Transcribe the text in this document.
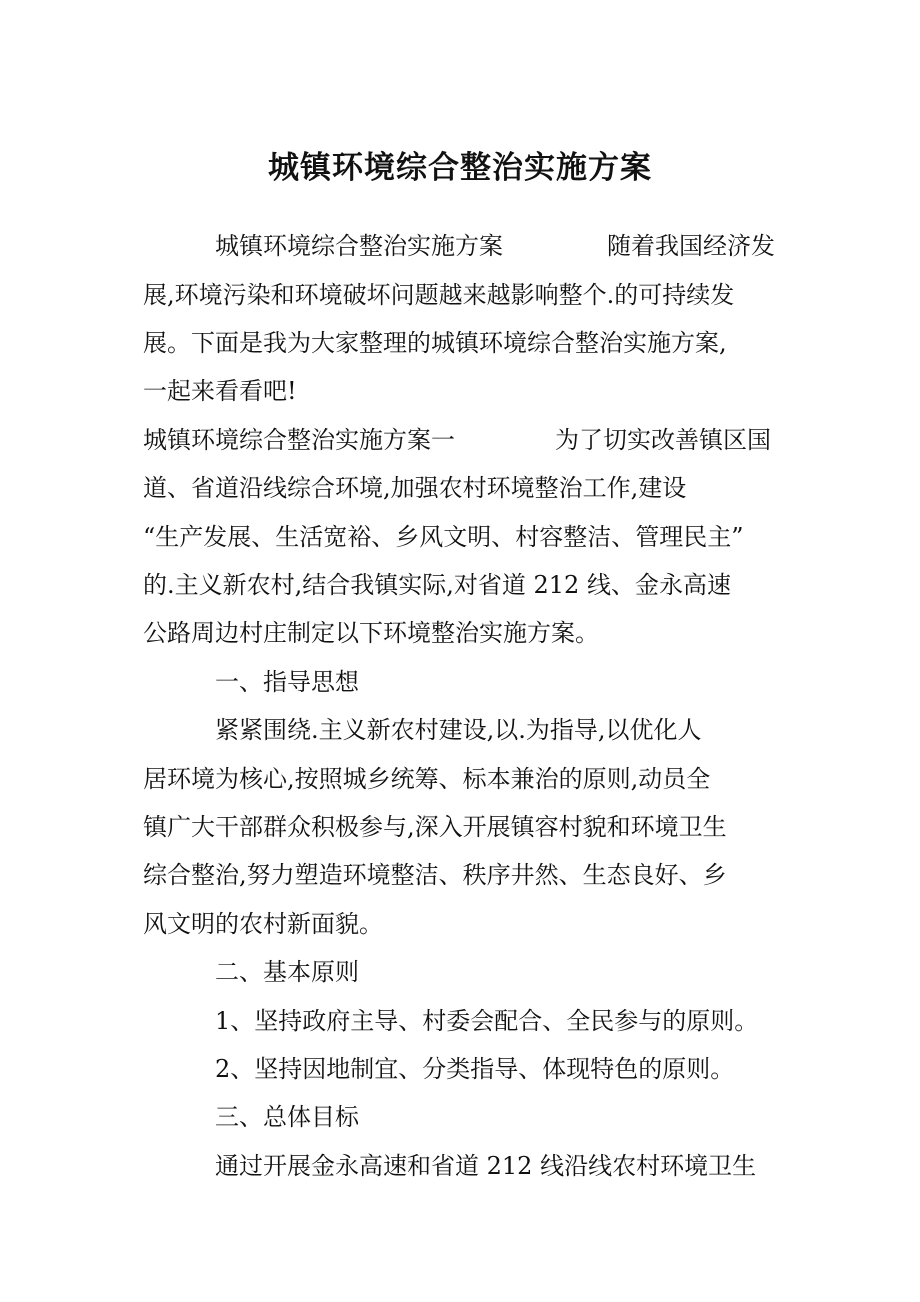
城镇环境综合整治实施方案
城镇环境综合整治实施方案	随着我国经济发
展,环境污染和环境破坏问题越来越影响整个.的可持续发
展。下面是我为大家整理的城镇环境综合整治实施方案,
一起来看看吧!
城镇环境综合整治实施方案一	为了切实改善镇区国
道、省道沿线综合环境,加强农村环境整治工作,建设
“生产发展、生活宽裕、乡风文明、村容整洁、管理民主”
的.主义新农村,结合我镇实际,对省道 212 线、金永高速
公路周边村庄制定以下环境整治实施方案。
一、指导思想
紧紧围绕.主义新农村建设,以.为指导,以优化人
居环境为核心,按照城乡统筹、标本兼治的原则,动员全
镇广大干部群众积极参与,深入开展镇容村貌和环境卫生
综合整治,努力塑造环境整洁、秩序井然、生态良好、乡
风文明的农村新面貌。
二、基本原则
1、坚持政府主导、村委会配合、全民参与的原则。
2、坚持因地制宜、分类指导、体现特色的原则。
三、总体目标
通过开展金永高速和省道 212 线沿线农村环境卫生
